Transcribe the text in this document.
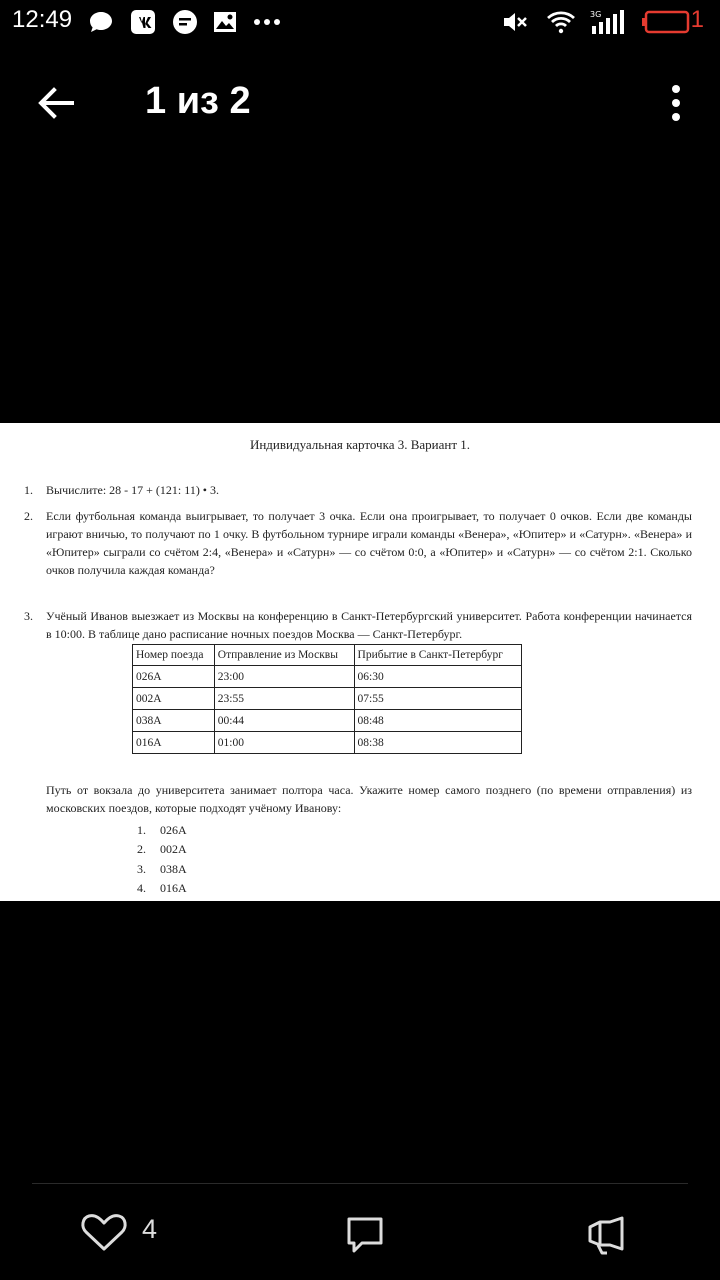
12:49	3G	1
1 из 2
Индивидуальная карточка 3. Вариант 1.
1. Вычислите: 28 - 17 + (121: 11) • 3.
2. Если футбольная команда выигрывает, то получает 3 очка. Если она проигрывает, то получает 0 очков. Если две команды играют вничью, то получают по 1 очку. В футбольном турнире играли команды «Венера», «Юпитер» и «Сатурн». «Венера» и «Юпитер» сыграли со счётом 2:4, «Венера» и «Сатурн» — со счётом 0:0, а «Юпитер» и «Сатурн» — со счётом 2:1. Сколько очков получила каждая команда?
3. Учёный Иванов выезжает из Москвы на конференцию в Санкт-Петербургский университет. Работа конференции начинается в 10:00. В таблице дано расписание ночных поездов Москва — Санкт-Петербург.
Номер поезда	Отправление из Москвы	Прибытие в Санкт-Петербург
026А	23:00	06:30
002А	23:55	07:55
038А	00:44	08:48
016А	01:00	08:38
Путь от вокзала до университета занимает полтора часа. Укажите номер самого позднего (по времени отправления) из московских поездов, которые подходят учёному Иванову:
1.	026А
2.	002А
3.	038А
4.	016А
4
